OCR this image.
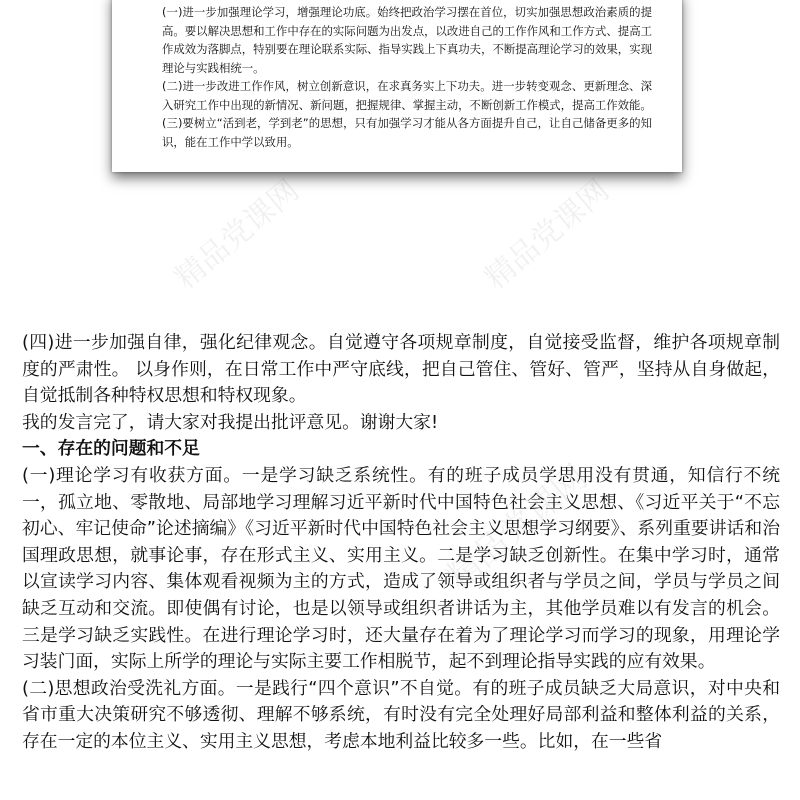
(一)进一步加强理论学习，增强理论功底。始终把政治学习摆在首位，切实加强思想政治素质的提高。要以解决思想和工作中存在的实际问题为出发点，以改进自己的工作作风和工作方式、提高工作成效为落脚点，特别要在理论联系实际、指导实践上下真功夫，不断提高理论学习的效果，实现理论与实践相统一。

(二)进一步改进工作作风，树立创新意识，在求真务实上下功夫。进一步转变观念、更新理念、深入研究工作中出现的新情况、新问题，把握规律、掌握主动，不断创新工作模式，提高工作效能。

(三)要树立“活到老，学到老”的思想，只有加强学习才能从各方面提升自己，让自己储备更多的知识，能在工作中学以致用。

精品党课网	精品党课网
精品党课网

(四)进一步加强自律，强化纪律观念。自觉遵守各项规章制度，自觉接受监督，维护各项规章制度的严肃性。 以身作则，在日常工作中严守底线，把自己管住、管好、管严，坚持从自身做起，自觉抵制各种特权思想和特权现象。

我的发言完了，请大家对我提出批评意见。谢谢大家!

一、存在的问题和不足

(一)理论学习有收获方面。一是学习缺乏系统性。有的班子成员学思用没有贯通，知信行不统一，孤立地、零散地、局部地学习理解习近平新时代中国特色社会主义思想、《习近平关于“不忘初心、牢记使命”论述摘编》《习近平新时代中国特色社会主义思想学习纲要》、系列重要讲话和治国理政思想，就事论事，存在形式主义、实用主义。二是学习缺乏创新性。在集中学习时，通常以宣读学习内容、集体观看视频为主的方式，造成了领导或组织者与学员之间，学员与学员之间缺乏互动和交流。即使偶有讨论，也是以领导或组织者讲话为主，其他学员难以有发言的机会。三是学习缺乏实践性。在进行理论学习时，还大量存在着为了理论学习而学习的现象，用理论学习装门面，实际上所学的理论与实际主要工作相脱节，起不到理论指导实践的应有效果。

(二)思想政治受洗礼方面。一是践行“四个意识”不自觉。有的班子成员缺乏大局意识，对中央和省市重大决策研究不够透彻、理解不够系统，有时没有完全处理好局部利益和整体利益的关系，存在一定的本位主义、实用主义思想，考虑本地利益比较多一些。比如，在一些省
